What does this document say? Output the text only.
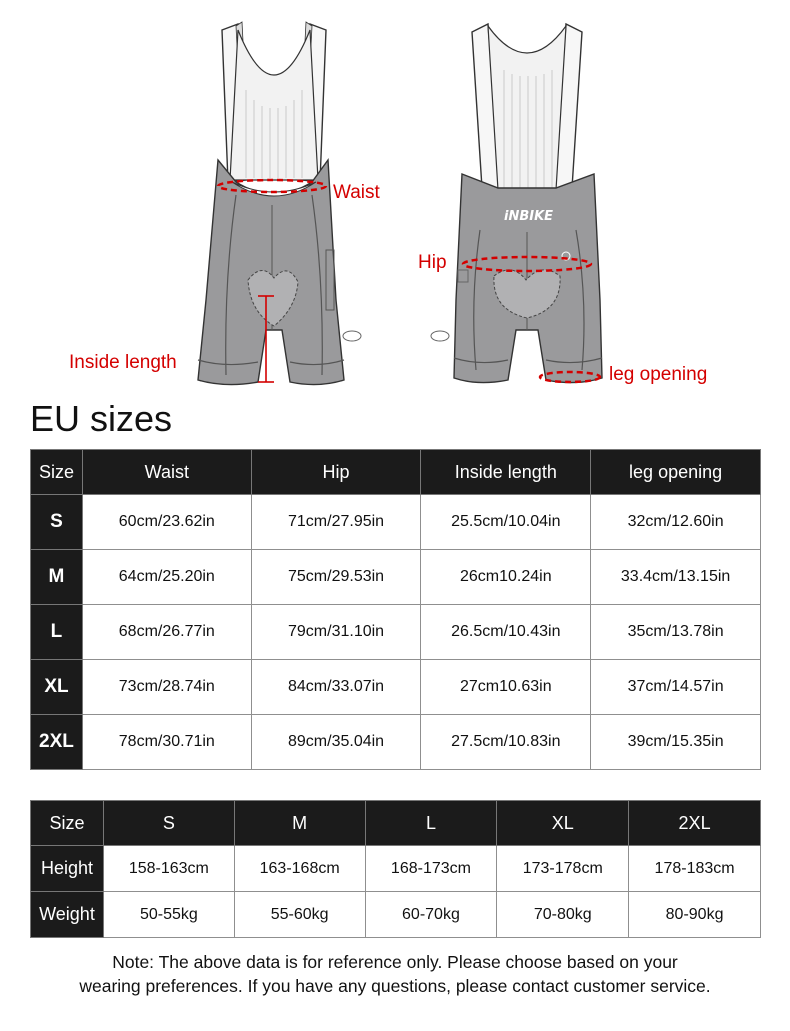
iNBIKE
Waist
Inside length
Hip
leg opening
EU sizes
Size	Waist	Hip	Inside length	leg opening
S	60cm/23.62in	71cm/27.95in	25.5cm/10.04in	32cm/12.60in
M	64cm/25.20in	75cm/29.53in	26cm10.24in	33.4cm/13.15in
L	68cm/26.77in	79cm/31.10in	26.5cm/10.43in	35cm/13.78in
XL	73cm/28.74in	84cm/33.07in	27cm10.63in	37cm/14.57in
2XL	78cm/30.71in	89cm/35.04in	27.5cm/10.83in	39cm/15.35in
Size	S	M	L	XL	2XL
Height	158-163cm	163-168cm	168-173cm	173-178cm	178-183cm
Weight	50-55kg	55-60kg	60-70kg	70-80kg	80-90kg
Note: The above data is for reference only. Please choose based on your
wearing preferences. If you have any questions, please contact customer service.
